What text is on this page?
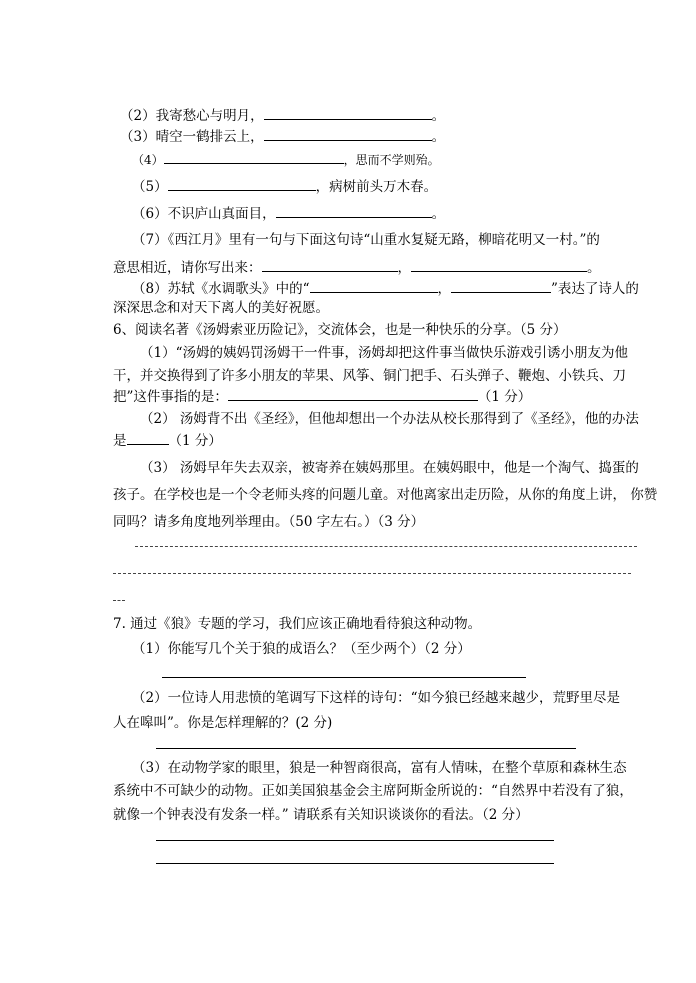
（2）我寄愁心与明月，	。
（3）晴空一鹤排云上，	。
（4）	，思而不学则殆。
（5）	，病树前头万木春。
（6）不识庐山真面目，	。
（7）《西江月》里有一句与下面这句诗“山重水复疑无路，柳暗花明又一村。”的
意思相近，请你写出来：	，	。
（8）苏轼《水调歌头》中的“	，	”表达了诗人的
深深思念和对天下离人的美好祝愿。
6、阅读名著《汤姆索亚历险记》，交流体会，也是一种快乐的分享。（5 分）
（1）“汤姆的姨妈罚汤姆干一件事，汤姆却把这件事当做快乐游戏引诱小朋友为他
干，并交换得到了许多小朋友的苹果、风筝、铜门把手、石头弹子、鞭炮、小铁兵、刀
把”这件事指的是：	（1 分）
（2） 汤姆背不出《圣经》，但他却想出一个办法从校长那得到了《圣经》，他的办法
是	（1 分）
（3） 汤姆早年失去双亲，被寄养在姨妈那里。在姨妈眼中，他是一个淘气、捣蛋的
孩子。在学校也是一个令老师头疼的问题儿童。对他离家出走历险，从你的角度上讲， 你赞
同吗？请多角度地列举理由。（50 字左右。）（3 分）
7. 通过《狼》专题的学习，我们应该正确地看待狼这种动物。
（1）你能写几个关于狼的成语么？（至少两个）（2 分）
（2）一位诗人用悲愤的笔调写下这样的诗句：“如今狼已经越来越少，荒野里尽是
人在嗥叫”。你是怎样理解的？(2 分)
（3）在动物学家的眼里，狼是一种智商很高，富有人情味，在整个草原和森林生态
系统中不可缺少的动物。正如美国狼基金会主席阿斯金所说的：“自然界中若没有了狼，
就像一个钟表没有发条一样。” 请联系有关知识谈谈你的看法。（2 分）
